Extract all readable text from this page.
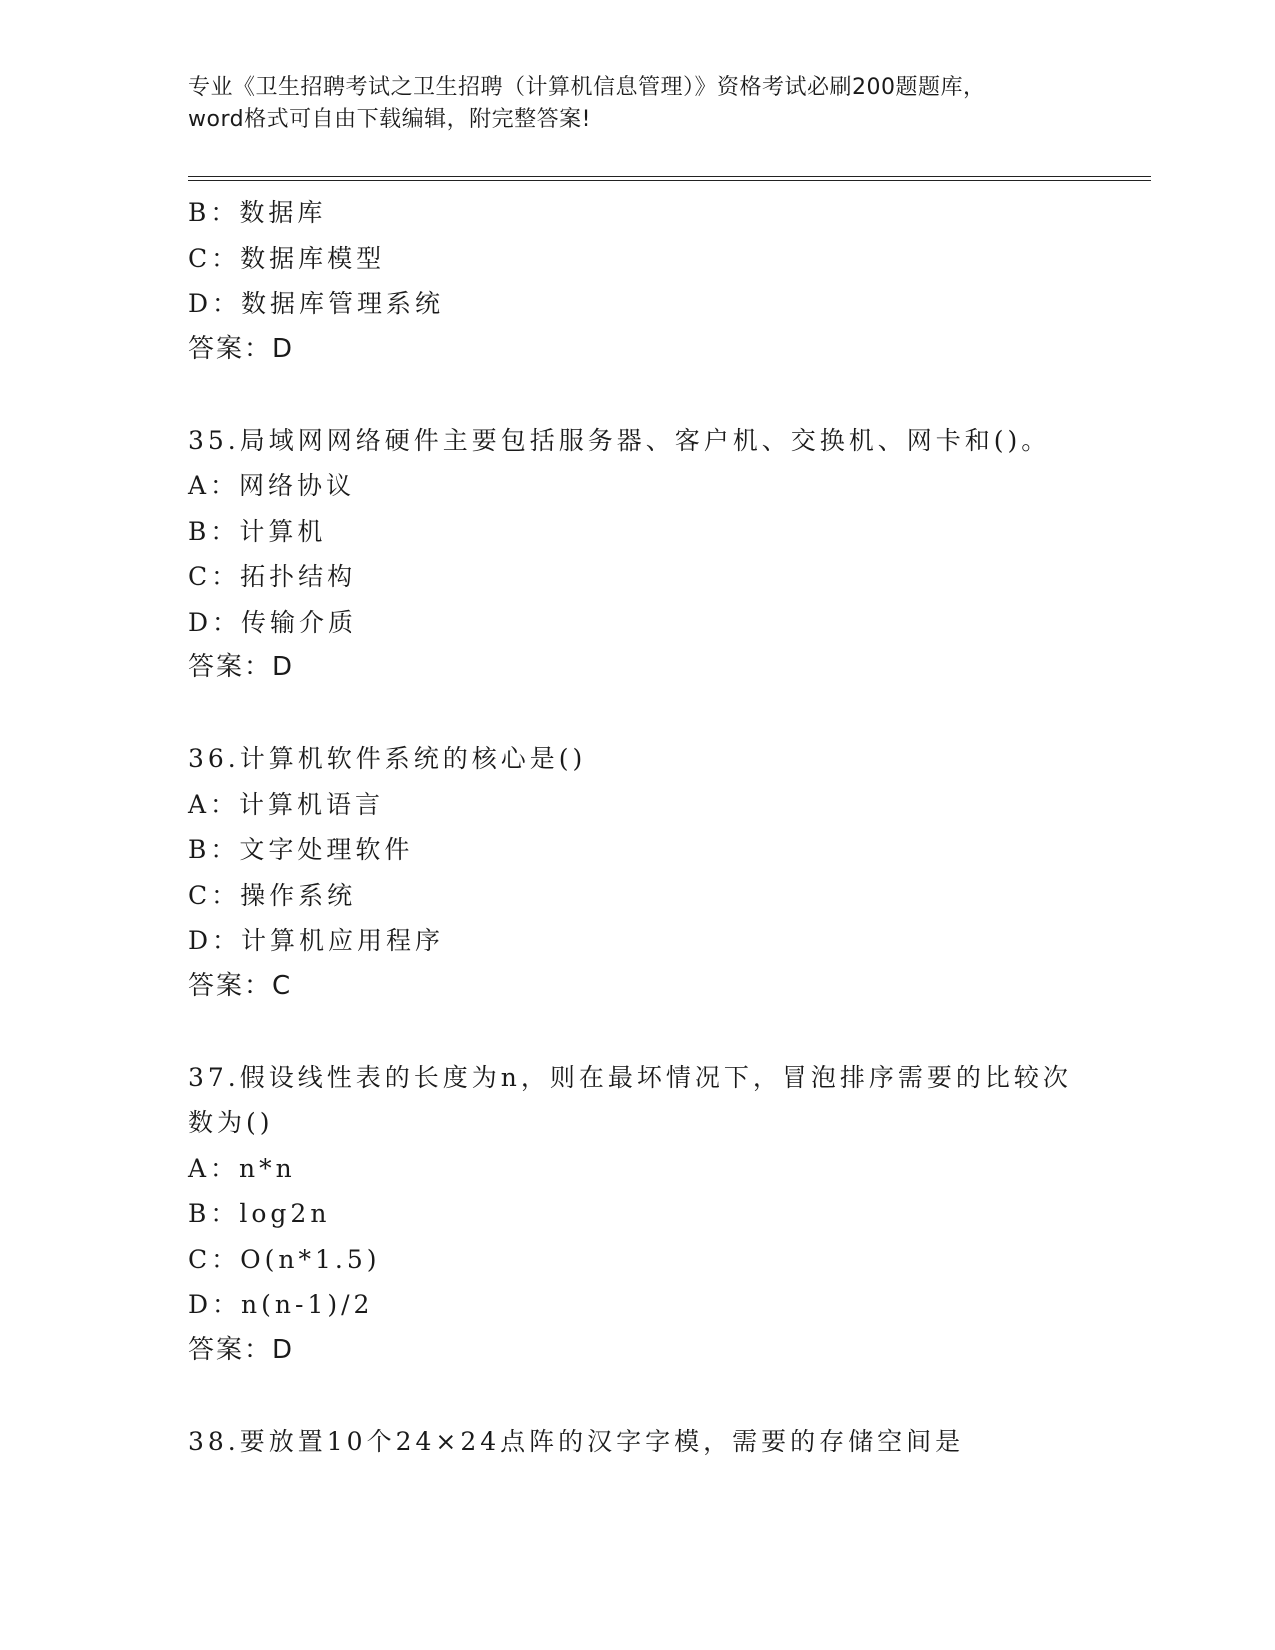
专业《卫生招聘考试之卫生招聘（计算机信息管理）》资格考试必刷200题题库，
word格式可自由下载编辑，附完整答案!
B：数据库
C：数据库模型
D：数据库管理系统
答案：D
35.局域网网络硬件主要包括服务器、客户机、交换机、网卡和()。
A：网络协议
B：计算机
C：拓扑结构
D：传输介质
答案：D
36.计算机软件系统的核心是()
A：计算机语言
B：文字处理软件
C：操作系统
D：计算机应用程序
答案：C
37.假设线性表的长度为n，则在最坏情况下，冒泡排序需要的比较次
数为()
A：n*n
B：log2n
C：O(n*1.5)
D：n(n-1)/2
答案：D
38.要放置10个24×24点阵的汉字字模，需要的存储空间是
